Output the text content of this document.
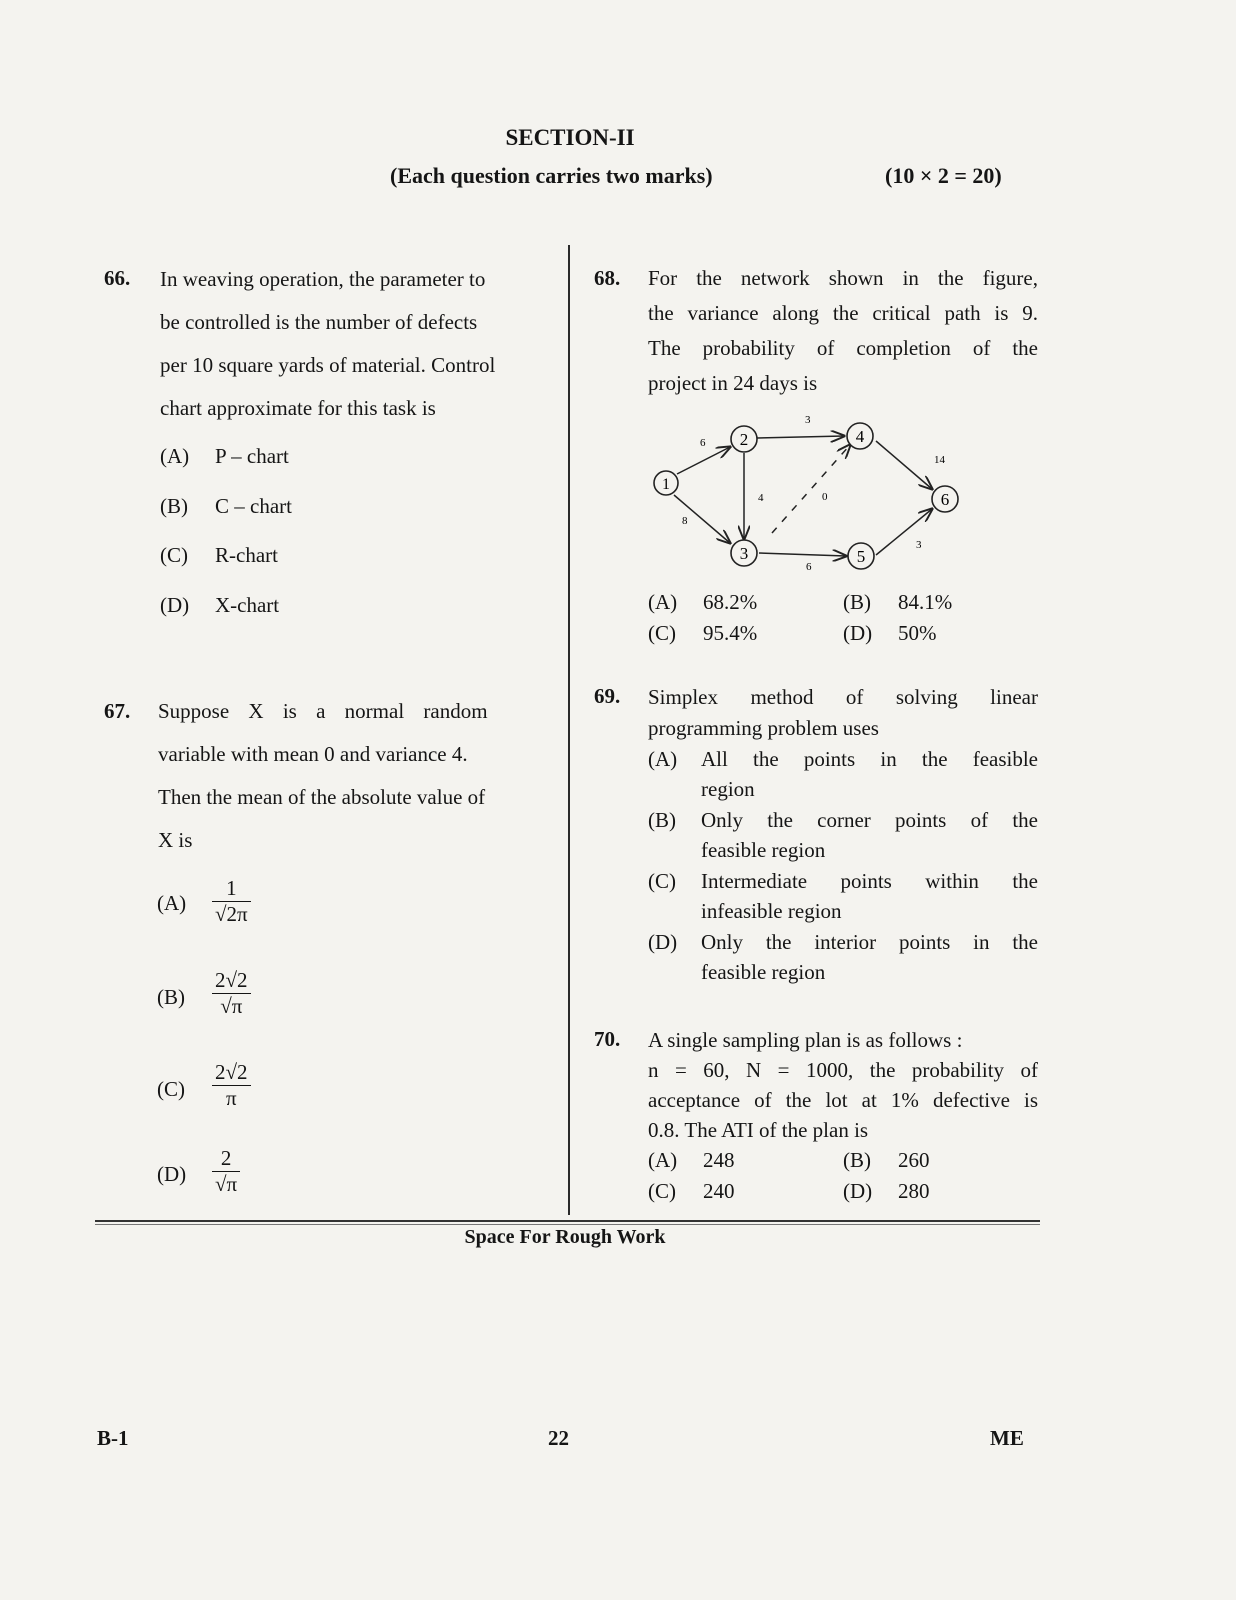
SECTION-II
(Each question carries two marks)	(10 × 2 = 20)
66. In weaving operation, the parameter to
be controlled is the number of defects
per 10 square yards of material. Control
chart approximate for this task is
(A) P – chart
(B) C – chart
(C) R-chart
(D) X-chart
67. Suppose X is a normal random
variable with mean 0 and variance 4.
Then the mean of the absolute value of
X is
$(A) \frac{1}{√2\pi}$
$(B) \frac{2√2}{√\pi}$
$(C) \frac{2√2}{\pi}$
$(D) \frac{2}{√\pi}$
68. For the network shown in the figure,
the variance along the critical path is 9.
The probability of completion of the
project in 24 days is
6
8
3
4	0
6
14
3
1
2
3
4
5
6
(A) 68.2%	(B) 84.1%
(C) 95.4%	(D) 50%
69. Simplex method of solving linear
programming problem uses
(A)	All the points in the feasible
region
(B)	Only the corner points of the
feasible region
(C)	Intermediate points within the
infeasible region
(D)	Only the interior points in the
feasible region
70. A single sampling plan is as follows :
n = 60, N = 1000, the probability of
acceptance of the lot at 1% defective is
0.8. The ATI of the plan is
(A) 248	(B) 260
(C) 240	(D) 280
Space For Rough Work
B-1	22	ME
